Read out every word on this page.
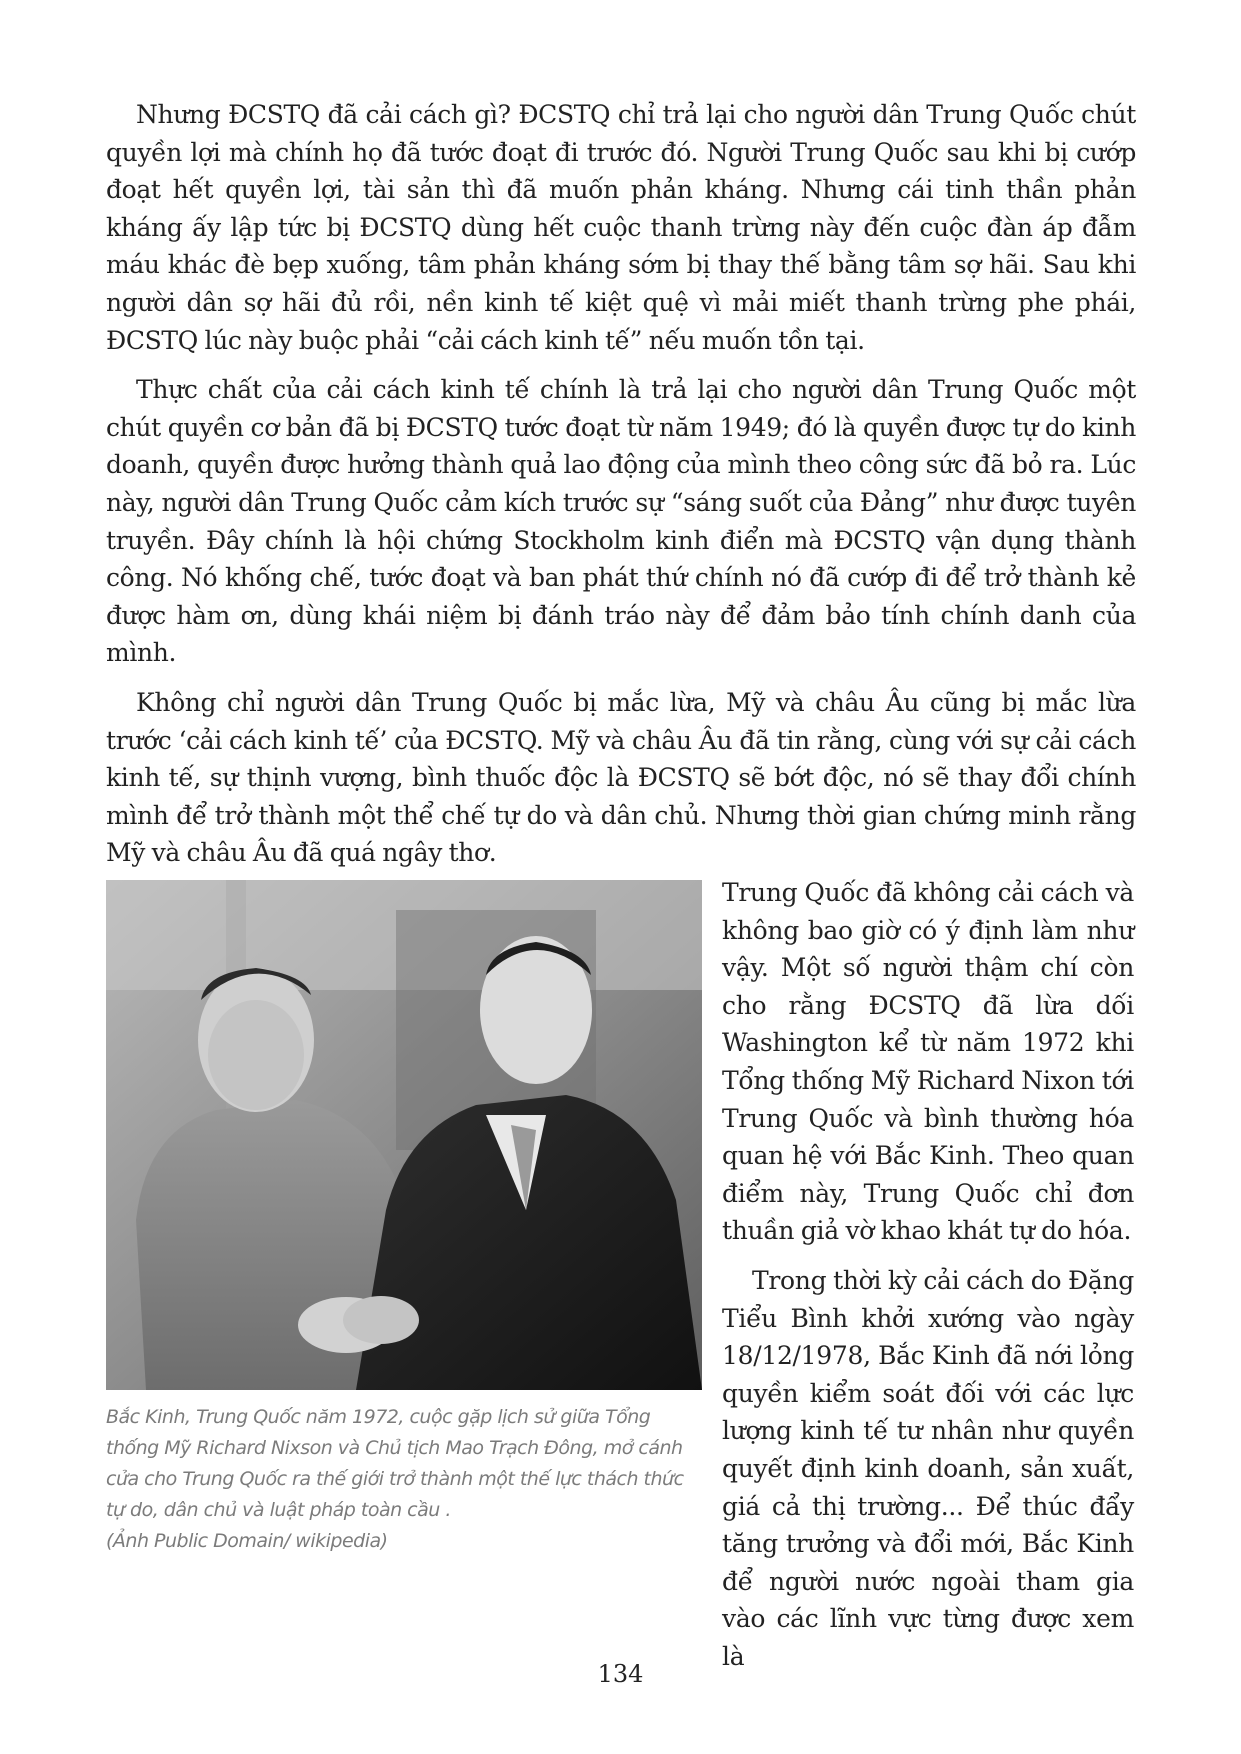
Nhưng ĐCSTQ đã cải cách gì? ĐCSTQ chỉ trả lại cho người dân Trung Quốc chút quyền lợi mà chính họ đã tước đoạt đi trước đó. Người Trung Quốc sau khi bị cướp đoạt hết quyền lợi, tài sản thì đã muốn phản kháng. Nhưng cái tinh thần phản kháng ấy lập tức bị ĐCSTQ dùng hết cuộc thanh trừng này đến cuộc đàn áp đẫm máu khác đè bẹp xuống, tâm phản kháng sớm bị thay thế bằng tâm sợ hãi. Sau khi người dân sợ hãi đủ rồi, nền kinh tế kiệt quệ vì mải miết thanh trừng phe phái, ĐCSTQ lúc này buộc phải “cải cách kinh tế” nếu muốn tồn tại.

Thực chất của cải cách kinh tế chính là trả lại cho người dân Trung Quốc một chút quyền cơ bản đã bị ĐCSTQ tước đoạt từ năm 1949; đó là quyền được tự do kinh doanh, quyền được hưởng thành quả lao động của mình theo công sức đã bỏ ra. Lúc này, người dân Trung Quốc cảm kích trước sự “sáng suốt của Đảng” như được tuyên truyền. Đây chính là hội chứng Stockholm kinh điển mà ĐCSTQ vận dụng thành công. Nó khống chế, tước đoạt và ban phát thứ chính nó đã cướp đi để trở thành kẻ được hàm ơn, dùng khái niệm bị đánh tráo này để đảm bảo tính chính danh của mình.

Không chỉ người dân Trung Quốc bị mắc lừa, Mỹ và châu Âu cũng bị mắc lừa trước ‘cải cách kinh tế’ của ĐCSTQ. Mỹ và châu Âu đã tin rằng, cùng với sự cải cách kinh tế, sự thịnh vượng, bình thuốc độc là ĐCSTQ sẽ bớt độc, nó sẽ thay đổi chính mình để trở thành một thể chế tự do và dân chủ. Nhưng thời gian chứng minh rằng Mỹ và châu Âu đã quá ngây thơ.

Bắc Kinh, Trung Quốc năm 1972, cuộc gặp lịch sử giữa Tổng thống Mỹ Richard Nixson và Chủ tịch Mao Trạch Đông, mở cánh cửa cho Trung Quốc ra thế giới trở thành một thế lực thách thức tự do, dân chủ và luật pháp toàn cầu .
(Ảnh Public Domain/ wikipedia)

Trung Quốc đã không cải cách và không bao giờ có ý định làm như vậy. Một số người thậm chí còn cho rằng ĐCSTQ đã lừa dối Washington kể từ năm 1972 khi Tổng thống Mỹ Richard Nixon tới Trung Quốc và bình thường hóa quan hệ với Bắc Kinh. Theo quan điểm này, Trung Quốc chỉ đơn thuần giả vờ khao khát tự do hóa.

Trong thời kỳ cải cách do Đặng Tiểu Bình khởi xướng vào ngày 18/12/1978, Bắc Kinh đã nới lỏng quyền kiểm soát đối với các lực lượng kinh tế tư nhân như quyền quyết định kinh doanh, sản xuất, giá cả thị trường... Để thúc đẩy tăng trưởng và đổi mới, Bắc Kinh để người nước ngoài tham gia vào các lĩnh vực từng được xem là

134
